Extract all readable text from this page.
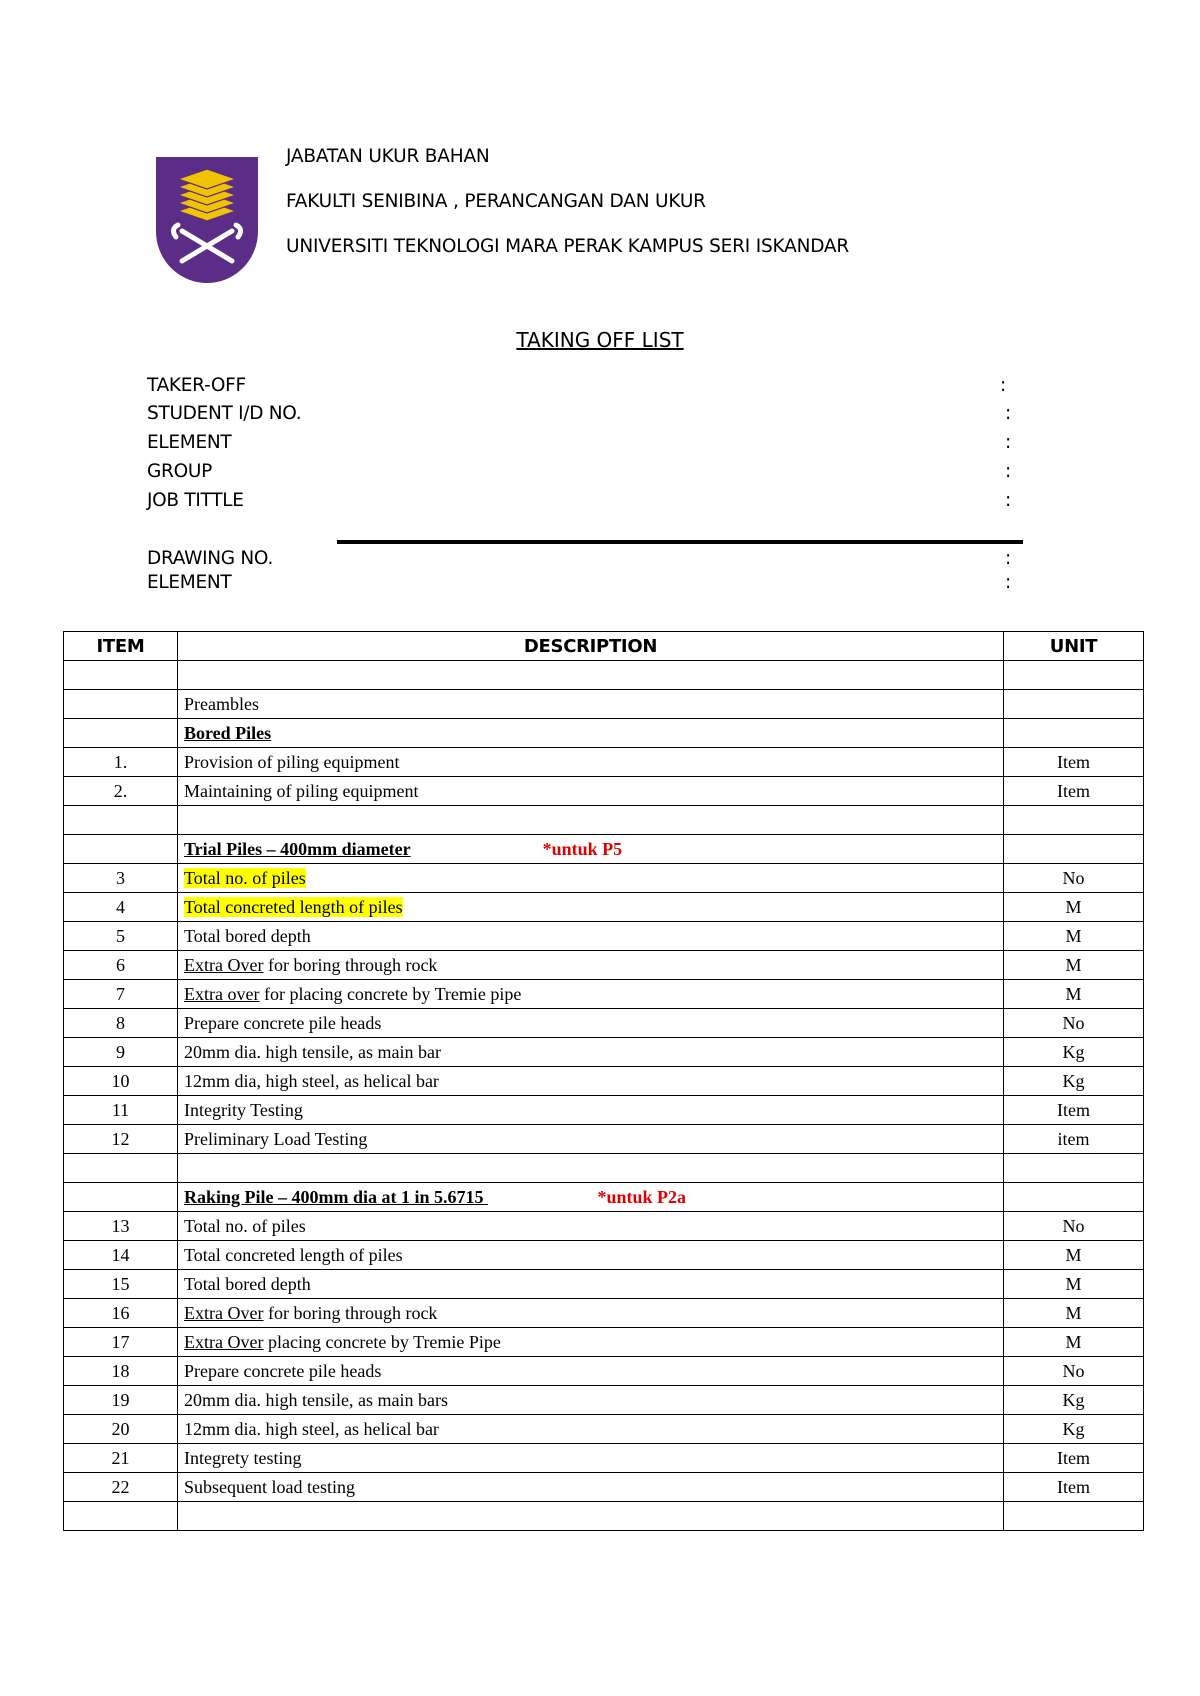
JABATAN UKUR BAHAN
FAKULTI SENIBINA , PERANCANGAN DAN UKUR
UNIVERSITI TEKNOLOGI MARA PERAK KAMPUS SERI ISKANDAR
TAKING OFF LIST
TAKER-OFF	:
STUDENT I/D NO.	:
ELEMENT	:
GROUP	:
JOB TITTLE	:
DRAWING NO.	:
ELEMENT	:
ITEM	DESCRIPTION	UNIT

	Preambles	
	Bored Piles	
1.	Provision of piling equipment	Item
2.	Maintaining of piling equipment	Item

	Trial Piles – 400mm diameter *untuk P5	
3	Total no. of piles	No
4	Total concreted length of piles	M
5	Total bored depth	M
6	Extra Over for boring through rock	M
7	Extra over for placing concrete by Tremie pipe	M
8	Prepare concrete pile heads	No
9	20mm dia. high tensile, as main bar	Kg
10	12mm dia, high steel, as helical bar	Kg
11	Integrity Testing	Item
12	Preliminary Load Testing	item

	Raking Pile – 400mm dia at 1 in 5.6715 *untuk P2a	
13	Total no. of piles	No
14	Total concreted length of piles	M
15	Total bored depth	M
16	Extra Over for boring through rock	M
17	Extra Over placing concrete by Tremie Pipe	M
18	Prepare concrete pile heads	No
19	20mm dia. high tensile, as main bars	Kg
20	12mm dia. high steel, as helical bar	Kg
21	Integrety testing	Item
22	Subsequent load testing	Item
